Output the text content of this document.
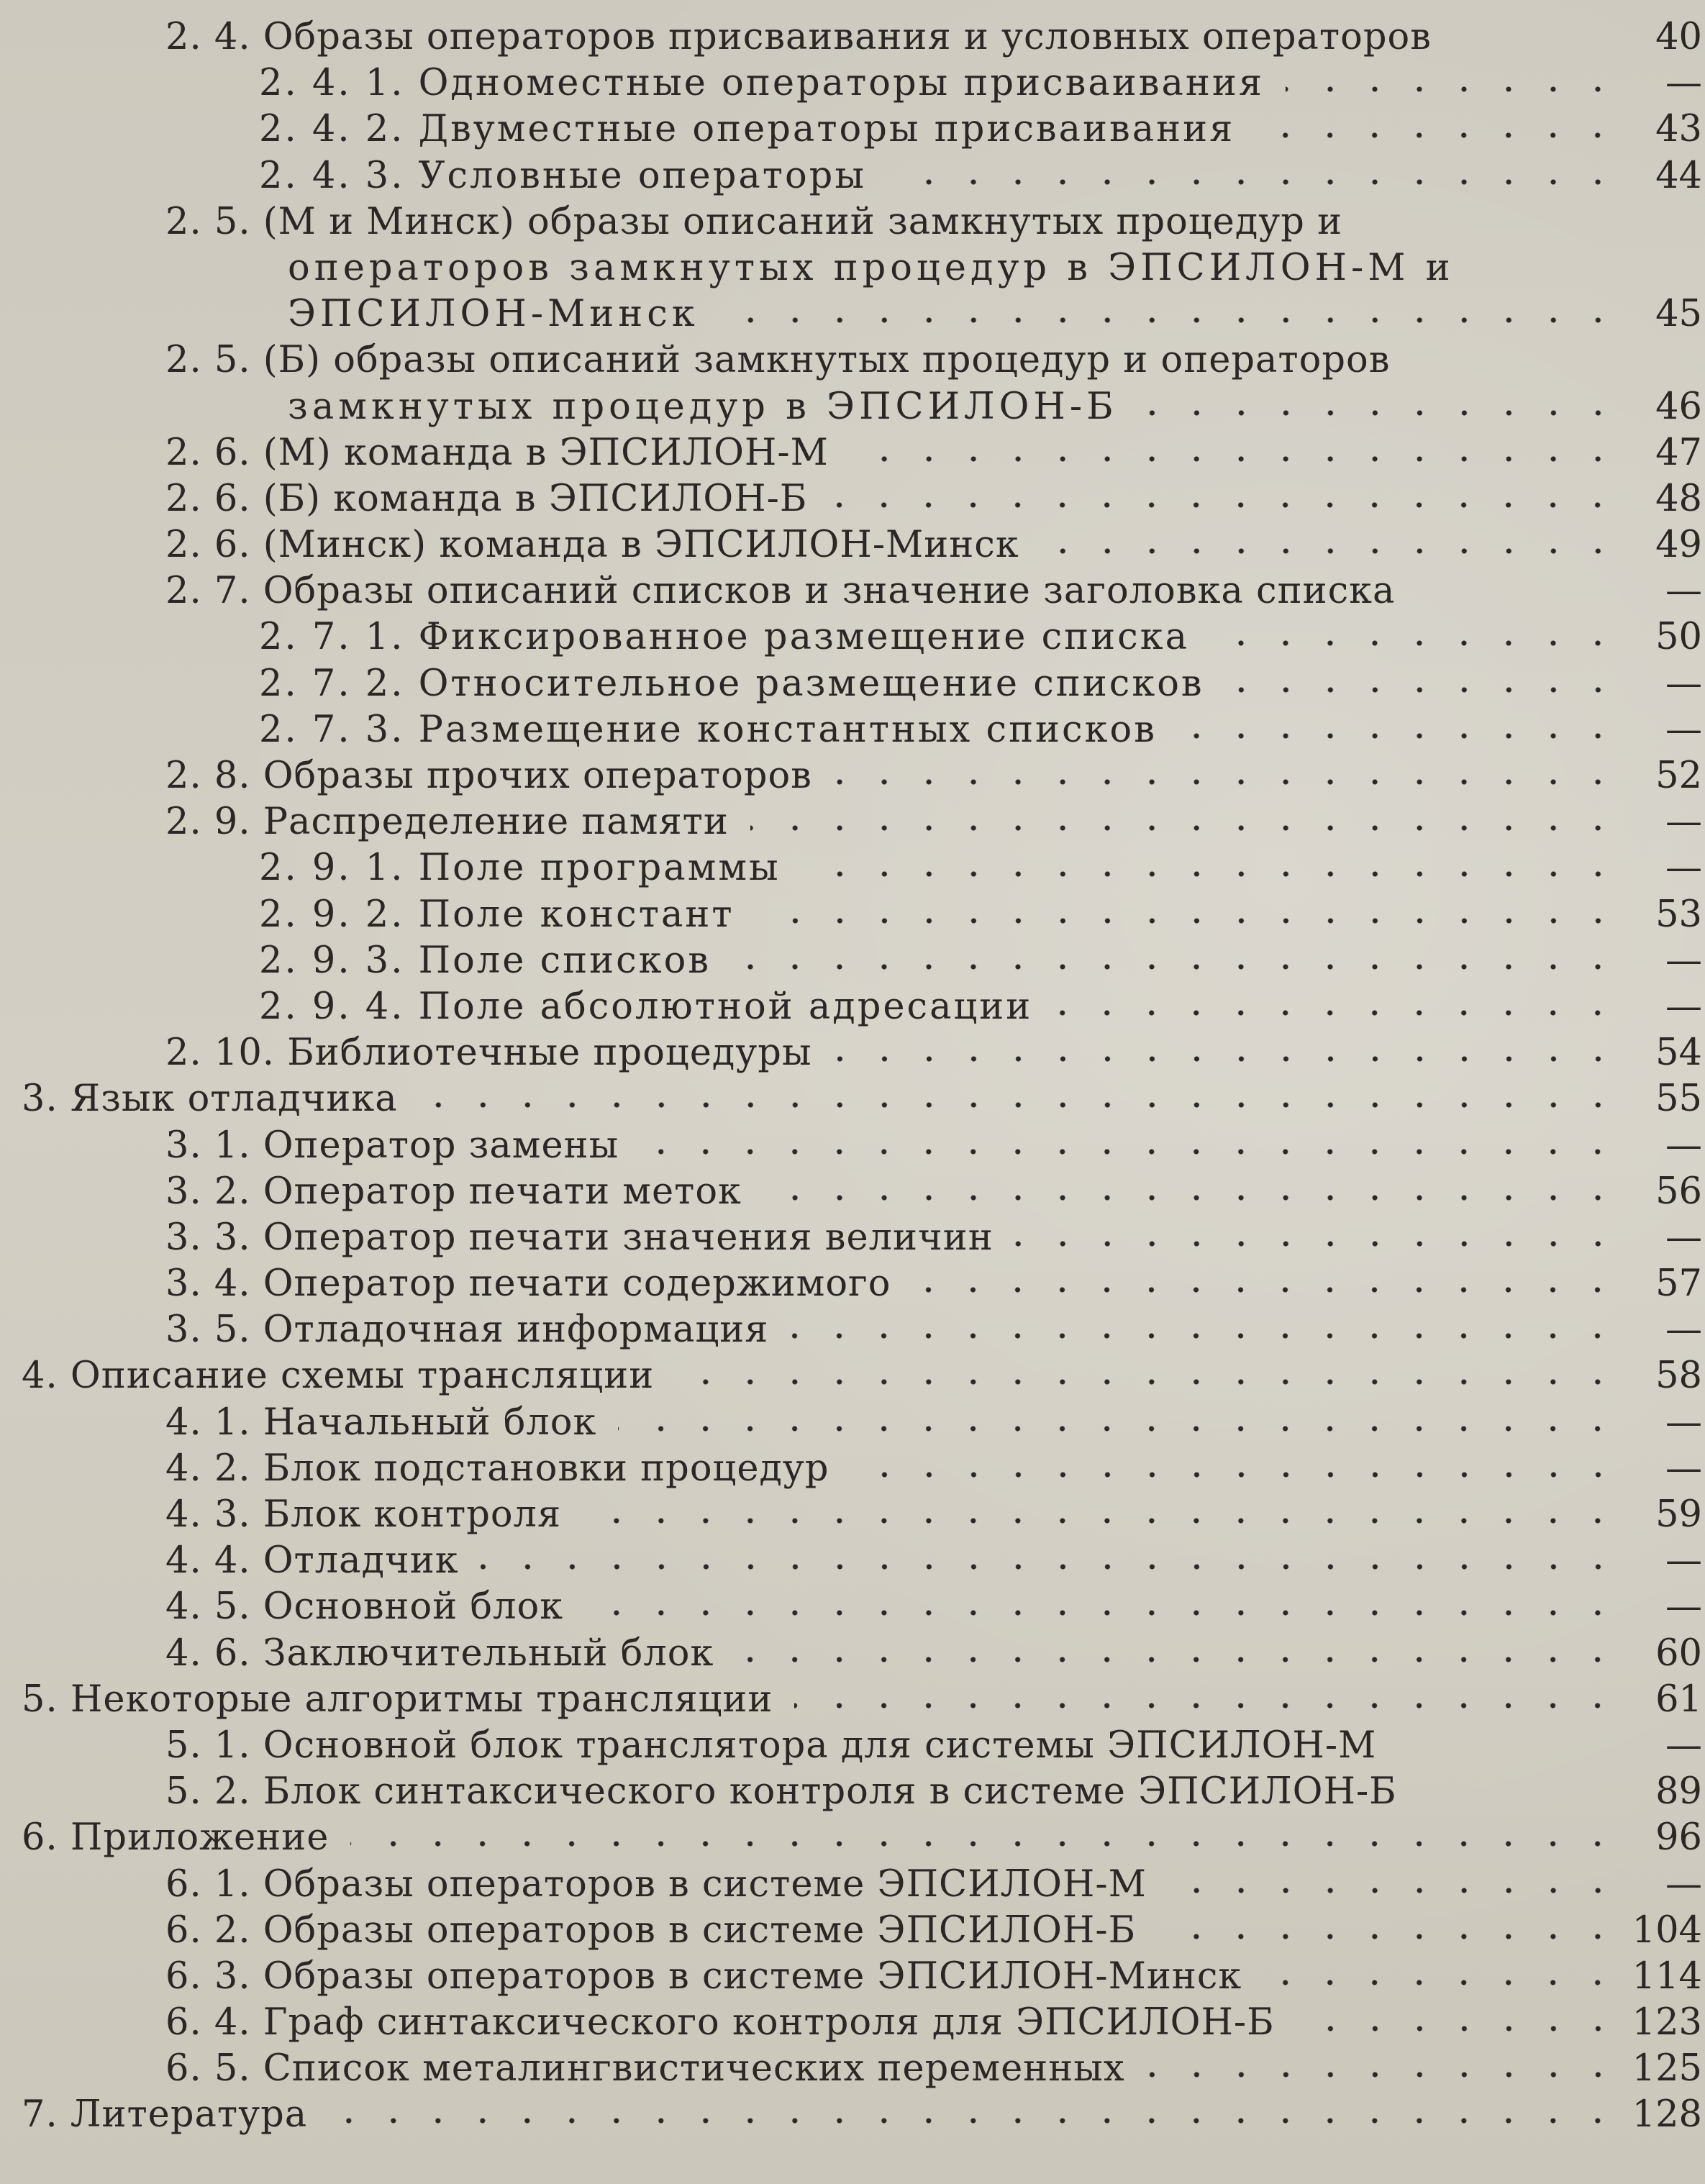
2. 4. Образы операторов присваивания и условных операторов	40
2. 4. 1. Одноместные операторы присваивания	—
2. 4. 2. Двуместные операторы присваивания	43
2. 4. 3. Условные операторы	44
2. 5. (М и Минск) образы описаний замкнутых процедур и
операторов замкнутых процедур в ЭПСИЛОН-М и
ЭПСИЛОН-Минск	45
2. 5. (Б) образы описаний замкнутых процедур и операторов
замкнутых процедур в ЭПСИЛОН-Б	46
2. 6. (М) команда в ЭПСИЛОН-М	47
2. 6. (Б) команда в ЭПСИЛОН-Б	48
2. 6. (Минск) команда в ЭПСИЛОН-Минск	49
2. 7. Образы описаний списков и значение заголовка списка	—
2. 7. 1. Фиксированное размещение списка	50
2. 7. 2. Относительное размещение списков	—
2. 7. 3. Размещение константных списков	—
2. 8. Образы прочих операторов	52
2. 9. Распределение памяти	—
2. 9. 1. Поле программы	—
2. 9. 2. Поле констант	53
2. 9. 3. Поле списков	—
2. 9. 4. Поле абсолютной адресации	—
2. 10. Библиотечные процедуры	54
3. Язык отладчика	55
3. 1. Оператор замены	—
3. 2. Оператор печати меток	56
3. 3. Оператор печати значения величин	—
3. 4. Оператор печати содержимого	57
3. 5. Отладочная информация	—
4. Описание схемы трансляции	58
4. 1. Начальный блок	—
4. 2. Блок подстановки процедур	—
4. 3. Блок контроля	59
4. 4. Отладчик	—
4. 5. Основной блок	—
4. 6. Заключительный блок	60
5. Некоторые алгоритмы трансляции	61
5. 1. Основной блок транслятора для системы ЭПСИЛОН-М	—
5. 2. Блок синтаксического контроля в системе ЭПСИЛОН-Б	89
6. Приложение	96
6. 1. Образы операторов в системе ЭПСИЛОН-М	—
6. 2. Образы операторов в системе ЭПСИЛОН-Б	104
6. 3. Образы операторов в системе ЭПСИЛОН-Минск	114
6. 4. Граф синтаксического контроля для ЭПСИЛОН-Б	123
6. 5. Список металингвистических переменных	125
7. Литература	128
